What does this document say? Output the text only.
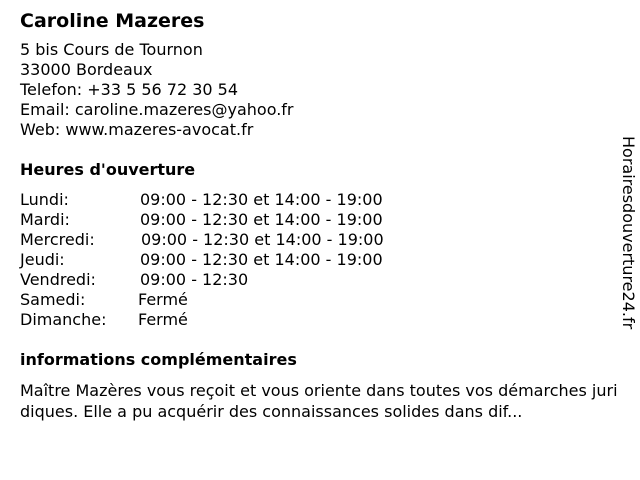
Caroline Mazeres
5 bis Cours de Tournon
33000 Bordeaux
Telefon: +33 5 56 72 30 54
Email: caroline.mazeres@yahoo.fr
Web: www.mazeres-avocat.fr
Heures d'ouverture
Lundi:	09:00 - 12:30 et 14:00 - 19:00
Mardi:	09:00 - 12:30 et 14:00 - 19:00
Mercredi:	09:00 - 12:30 et 14:00 - 19:00
Jeudi:	09:00 - 12:30 et 14:00 - 19:00
Vendredi:	09:00 - 12:30
Samedi:	Fermé
Dimanche: Fermé
informations complémentaires
Maître Mazères vous reçoit et vous oriente dans toutes vos démarches juridiques. Elle a pu acquérir des connaissances solides dans dif...
Horairesdouverture24.fr
